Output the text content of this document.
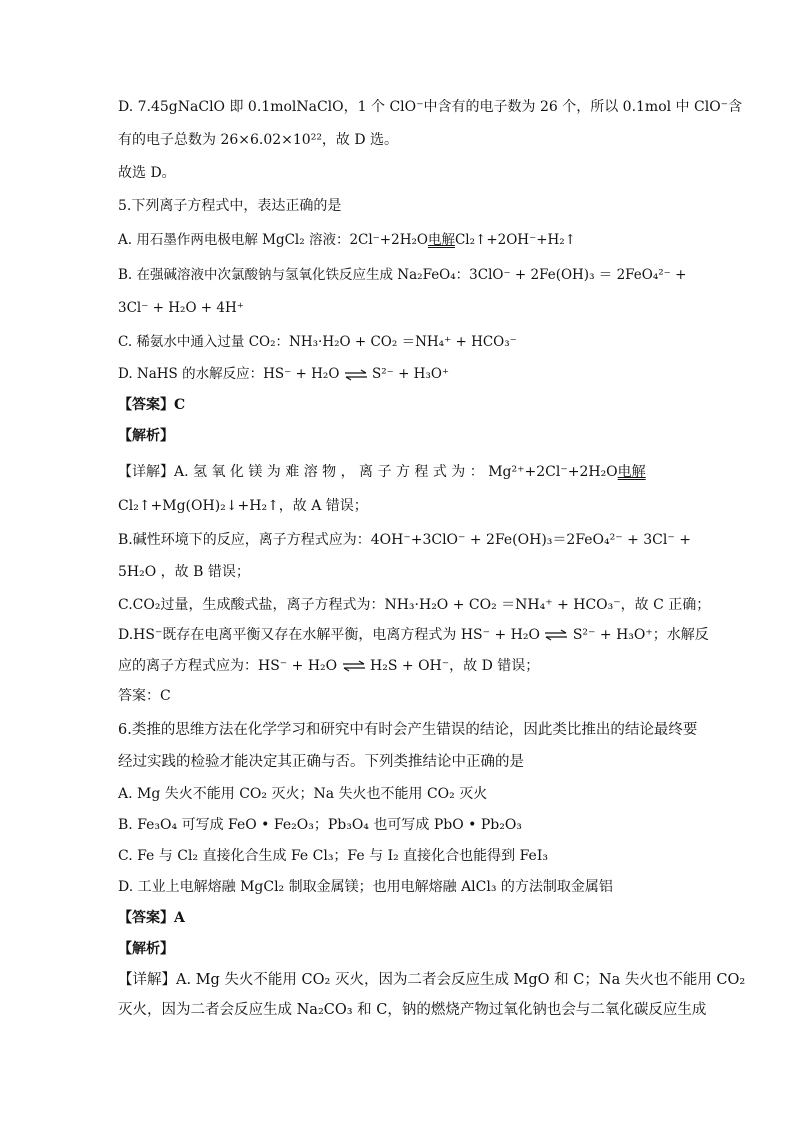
D. 7.45gNaClO 即 0.1molNaClO，1 个 ClO⁻中含有的电子数为 26 个，所以 0.1mol 中 ClO⁻含
有的电子总数为 26×6.02×10²²，故 D 选。
故选 D。
5.下列离子方程式中，表达正确的是
A. 用石墨作两电极电解 MgCl₂ 溶液：2Cl⁻+2H₂O电解Cl₂↑+2OH⁻+H₂↑
B. 在强碱溶液中次氯酸钠与氢氧化铁反应生成 Na₂FeO₄：3ClO⁻ + 2Fe(OH)₃ ＝ 2FeO₄²⁻ +
3Cl⁻ + H₂O + 4H⁺
C. 稀氨水中通入过量 CO₂：NH₃·H₂O + CO₂ ＝NH₄⁺ + HCO₃⁻
D. NaHS 的水解反应：HS⁻ + H₂O ⇌ S²⁻ + H₃O⁺
【答案】C
【解析】
【详解】A. 氢 氧 化 镁 为 难 溶 物 ， 离 子 方 程 式 为 ： Mg²⁺+2Cl⁻+2H₂O电解
Cl₂↑+Mg(OH)₂↓+H₂↑，故 A 错误；
B.碱性环境下的反应，离子方程式应为：4OH⁻+3ClO⁻ + 2Fe(OH)₃＝2FeO₄²⁻ + 3Cl⁻ +
5H₂O ，故 B 错误；
C.CO₂过量，生成酸式盐，离子方程式为：NH₃·H₂O + CO₂ ＝NH₄⁺ + HCO₃⁻，故 C 正确；
D.HS⁻既存在电离平衡又存在水解平衡，电离方程式为 HS⁻ + H₂O ⇌ S²⁻ + H₃O⁺；水解反
应的离子方程式应为：HS⁻ + H₂O ⇌ H₂S + OH⁻，故 D 错误；
答案：C
6.类推的思维方法在化学学习和研究中有时会产生错误的结论，因此类比推出的结论最终要
经过实践的检验才能决定其正确与否。下列类推结论中正确的是
A. Mg 失火不能用 CO₂ 灭火；Na 失火也不能用 CO₂ 灭火
B. Fe₃O₄ 可写成 FeO • Fe₂O₃；Pb₃O₄ 也可写成 PbO • Pb₂O₃
C. Fe 与 Cl₂ 直接化合生成 Fe Cl₃；Fe 与 I₂ 直接化合也能得到 FeI₃
D. 工业上电解熔融 MgCl₂ 制取金属镁；也用电解熔融 AlCl₃ 的方法制取金属铝
【答案】A
【解析】
【详解】A. Mg 失火不能用 CO₂ 灭火，因为二者会反应生成 MgO 和 C；Na 失火也不能用 CO₂
灭火，因为二者会反应生成 Na₂CO₃ 和 C，钠的燃烧产物过氧化钠也会与二氧化碳反应生成
